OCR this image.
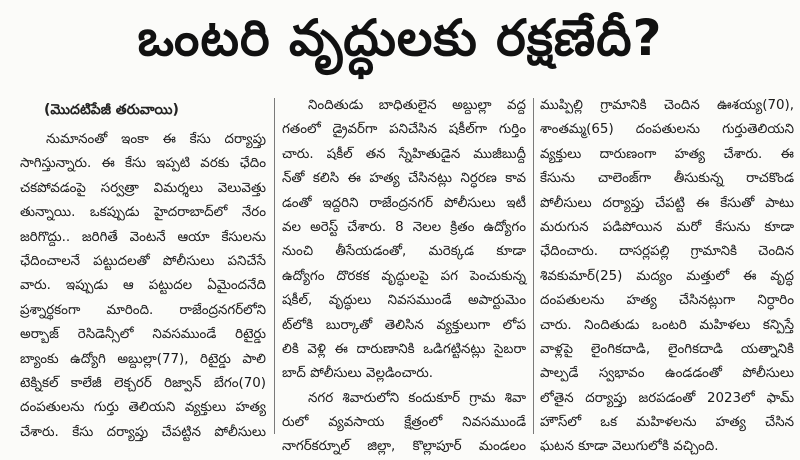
ఒంటరి వృద్ధులకు రక్షణేదీ?
(మొదటిపేజీ తరువాయి)
నుమానంతో ఇంకా ఈ కేసు దర్యాప్తు
సాగిస్తున్నారు. ఈ కేసు ఇప్పటి వరకు ఛేదిం
చకపోవడంపై సర్వత్రా విమర్శలు వెలువెత్తు
తున్నాయి. ఒకప్పుడు హైదరాబాద్‌లో నేరం
జరిగొద్దు.. జరిగితే వెంటనే ఆయా కేసులను
ఛేదించాలనే పట్టుదలతో పోలీసులు పనిచేసే
వారు. ఇప్పుడు ఆ పట్టుదల ఏమైందనేది
ప్రశ్నార్థకంగా మారింది. రాజేంద్రనగర్‌లోని
అర్బాజ్ రెసిడెన్సీలో నివసముండే రిటైర్డు
బ్యాంకు ఉద్యోగి అబ్దుల్లా(77), రిటైర్డు పాలి
టెక్నికల్ కాలేజీ లెక్చరర్ రిజ్వాన్ బేగం(70)
దంపతులను గుర్తు తెలియని వ్యక్తులు హత్య
చేశారు. కేసు దర్యాప్తు చేపట్టిన పోలీసులు
నిందితుడు బాధితులైన అబ్దుల్లా వద్ద
గతంలో డ్రైవర్‌గా పనిచేసిన షకీల్‌గా గుర్తిం
చారు. షకీల్ తన స్నేహితుడైన ముజీబుద్దీ
న్‌తో కలిసి ఈ హత్య చేసినట్లు నిర్ధరణ కావ
డంతో ఇద్దరిని రాజేంద్రనగర్ పోలీసులు ఇటీ
వల అరెస్ట్ చేశారు. 8 నెలల క్రితం ఉద్యోగం
నుంచి తీసేయడంతో, మరెక్కడ కూడా
ఉద్యోగం దొరకక వృద్ధులపై పగ పెంచుకున్న
షకీల్, వృద్ధులు నివసముండే అపార్టుమెం
ట్‌లోకి బుర్కాతో తెలిసిన వ్యక్తులుగా లోప
లికి వెళ్లి ఈ దారుణానికి ఒడిగట్టినట్లు సైబరా
బాద్ పోలీసులు వెల్లడించారు.
నగర శివారులోని కందుకూర్ గ్రామ శివా
రులో వ్యవసాయ క్షేత్రంలో నివసముండే
నాగర్‌కర్నూల్ జిల్లా, కొల్లాపూర్ మండలం
ముప్పిల్లి గ్రామానికి చెందిన ఊశయ్య(70),
శాంతమ్మ(65) దంపతులను గుర్తుతెలియని
వ్యక్తులు దారుణంగా హత్య చేశారు. ఈ
కేసును చాలెంజ్‌గా తీసుకున్న రాచకొండ
పోలీసులు దర్యాప్తు చేపట్టి ఈ కేసుతో పాటు
మరుగున పడిపోయిన మరో కేసును కూడా
ఛేదించారు. దాసర్లపల్లి గ్రామానికి చెందిన
శివకుమార్(25) మద్యం మత్తులో ఈ వృద్ధ
దంపతులను హత్య చేసినట్లుగా నిర్ధారిం
చారు. నిందితుడు ఒంటరి మహిళలు కన్పిస్తే
వాళ్లపై లైంగికదాడి, లైంగికదాడి యత్నానికి
పాల్పడే స్వభావం ఉండడంతో పోలీసులు
లోతైన దర్యాప్తు జరపడంతో 2023లో ఫామ్
హౌస్‌లో ఒక మహిళలను హత్య చేసిన
ఘటన కూడా వెలుగులోకి వచ్చింది.
